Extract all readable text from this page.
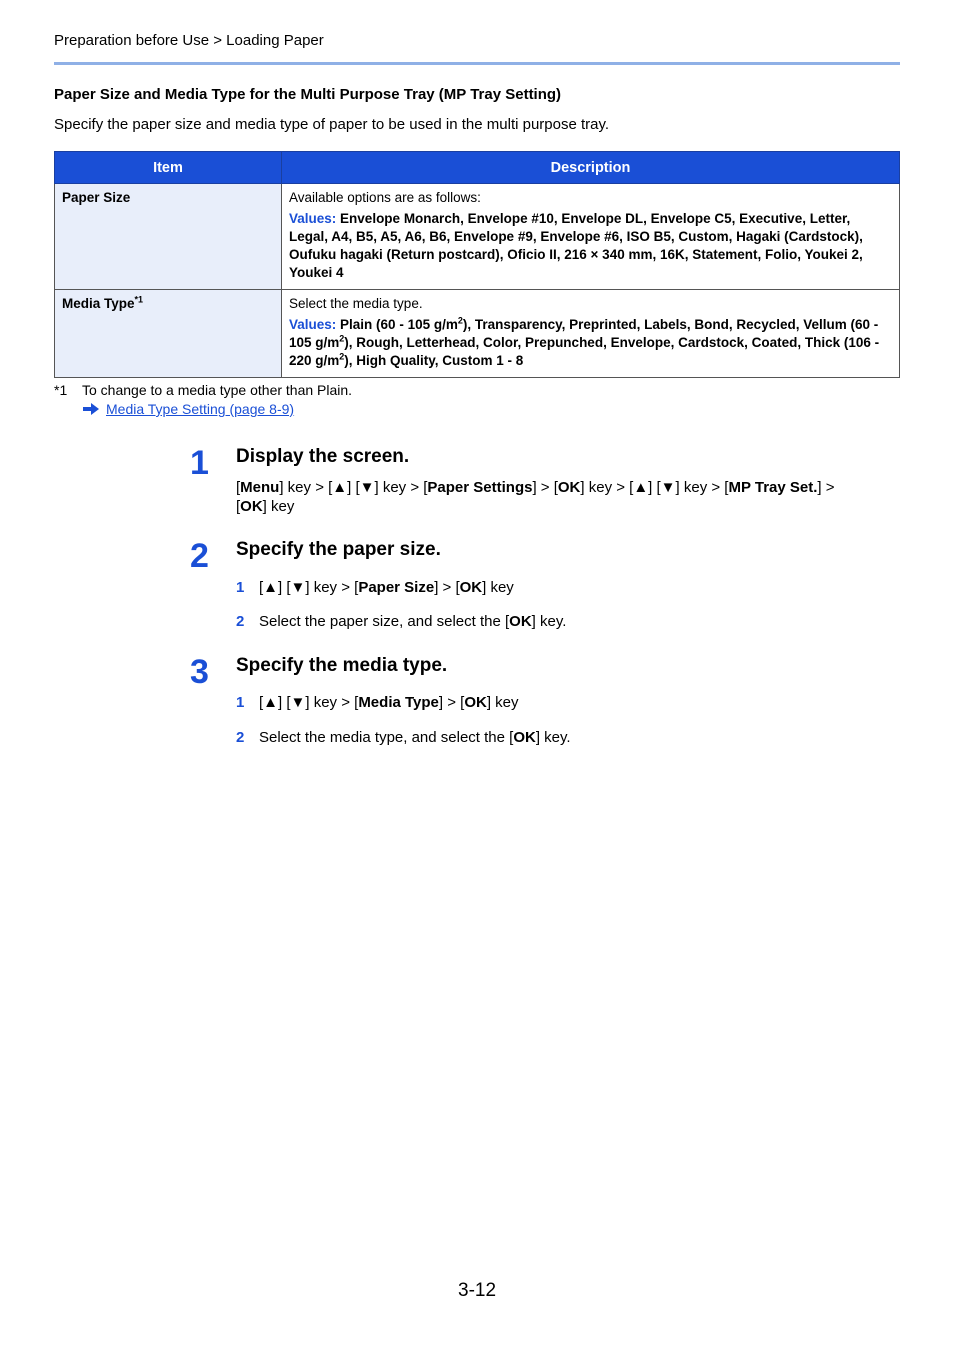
Preparation before Use > Loading Paper
Paper Size and Media Type for the Multi Purpose Tray (MP Tray Setting)
Specify the paper size and media type of paper to be used in the multi purpose tray.
Item	Description
Paper Size	Available options are as follows:
Values: Envelope Monarch, Envelope #10, Envelope DL, Envelope C5, Executive, Letter, Legal, A4, B5, A5, A6, B6, Envelope #9, Envelope #6, ISO B5, Custom, Hagaki (Cardstock), Oufuku hagaki (Return postcard), Oficio II, 216 × 340 mm, 16K, Statement, Folio, Youkei 2, Youkei 4

Media Type$^{*1}$	Select the media type.
Values: Plain (60 - 105 $g/m^2$), Transparency, Preprinted, Labels, Bond, Recycled, Vellum (60 - 105 $g/m^2$), Rough, Letterhead, Color, Prepunched, Envelope, Cardstock, Coated, Thick (106 - 220 $g/m^2$), High Quality, Custom 1 - 8
*1 To change to a media type other than Plain.
Media Type Setting (page 8-9)
1 Display the screen.
[Menu] key > [▲] [▼] key > [Paper Settings] > [OK] key > [▲] [▼] key > [MP Tray Set.] >
[OK] key
2 Specify the paper size.
1 [▲] [▼] key > [Paper Size] > [OK] key
2 Select the paper size, and select the [OK] key.
3 Specify the media type.
1 [▲] [▼] key > [Media Type] > [OK] key
2 Select the media type, and select the [OK] key.
3-12
